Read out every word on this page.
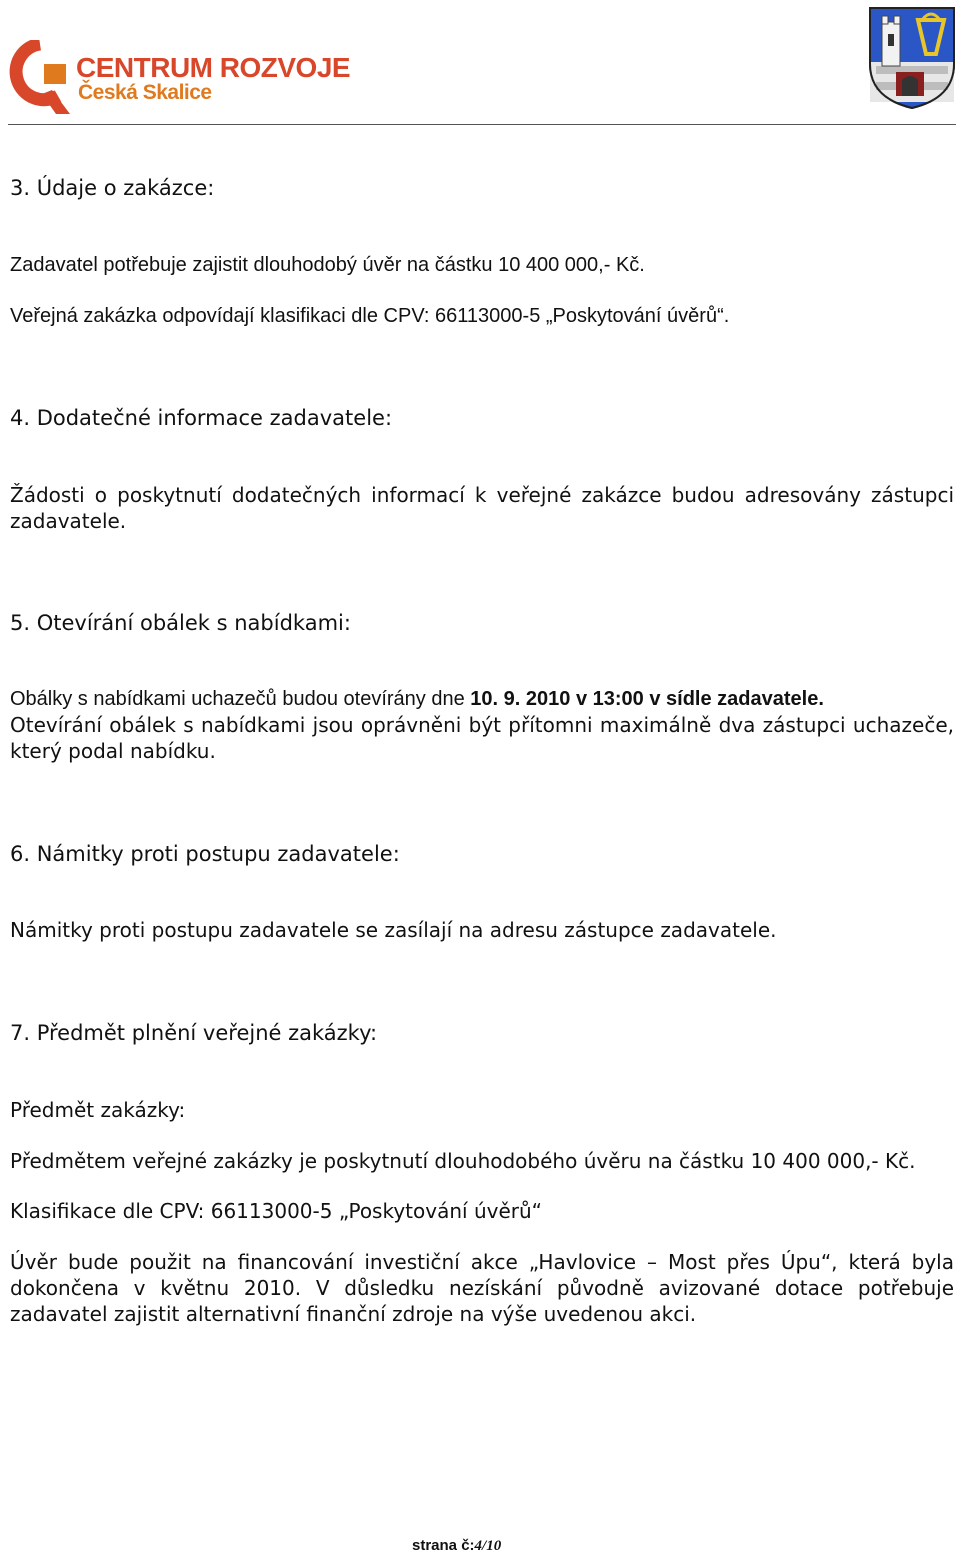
CENTRUM ROZVOJE
Česká Skalice
3. Údaje o zakázce:
Zadavatel potřebuje zajistit dlouhodobý úvěr na částku 10 400 000,- Kč.
Veřejná zakázka odpovídají klasifikaci dle CPV: 66113000-5 „Poskytování úvěrů“.
4. Dodatečné informace zadavatele:

Žádosti o poskytnutí dodatečných informací k veřejné zakázce budou adresovány zástupci zadavatele.

5. Otevírání obálek s nabídkami:

Obálky s nabídkami uchazečů budou otevírány dne 10. 9. 2010 v 13:00 v sídle zadavatele.

Otevírání obálek s nabídkami jsou oprávněni být přítomni maximálně dva zástupci uchazeče, který podal nabídku.

6. Námitky proti postupu zadavatele:
Námitky proti postupu zadavatele se zasílají na adresu zástupce zadavatele.
7. Předmět plnění veřejné zakázky:
Předmět zakázky:
Předmětem veřejné zakázky je poskytnutí dlouhodobého úvěru na částku 10 400 000,- Kč.
Klasifikace dle CPV: 66113000-5 „Poskytování úvěrů“

Úvěr bude použit na financování investiční akce „Havlovice – Most přes Úpu“, která byla dokončena v květnu 2010. V důsledku nezískání původně avizované dotace potřebuje zadavatel zajistit alternativní finanční zdroje na výše uvedenou akci.

strana č:4/10
